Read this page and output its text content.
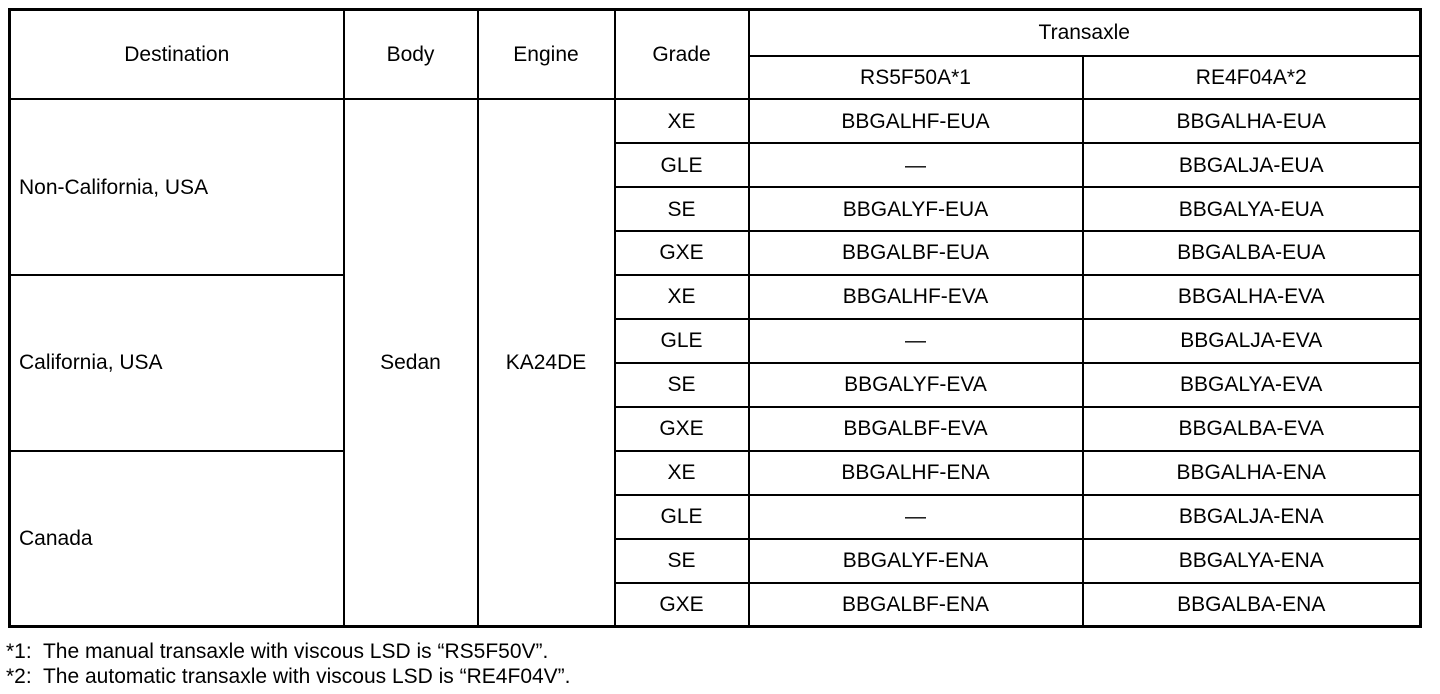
Destination	Body	Engine	Grade	Transaxle	
				RS5F50A*1	RE4F04A*2
Non-California, USA	Sedan	KA24DE	XE	BBGALHF-EUA	BBGALHA-EUA
			GLE	—	BBGALJA-EUA
			SE	BBGALYF-EUA	BBGALYA-EUA
			GXE	BBGALBF-EUA	BBGALBA-EUA
California, USA			XE	BBGALHF-EVA	BBGALHA-EVA
			GLE	—	BBGALJA-EVA
			SE	BBGALYF-EVA	BBGALYA-EVA
			GXE	BBGALBF-EVA	BBGALBA-EVA
Canada			XE	BBGALHF-ENA	BBGALHA-ENA
			GLE	—	BBGALJA-ENA
			SE	BBGALYF-ENA	BBGALYA-ENA
			GXE	BBGALBF-ENA	BBGALBA-ENA
*1:  The manual transaxle with viscous LSD is “RS5F50V”.
*2:  The automatic transaxle with viscous LSD is “RE4F04V”.
